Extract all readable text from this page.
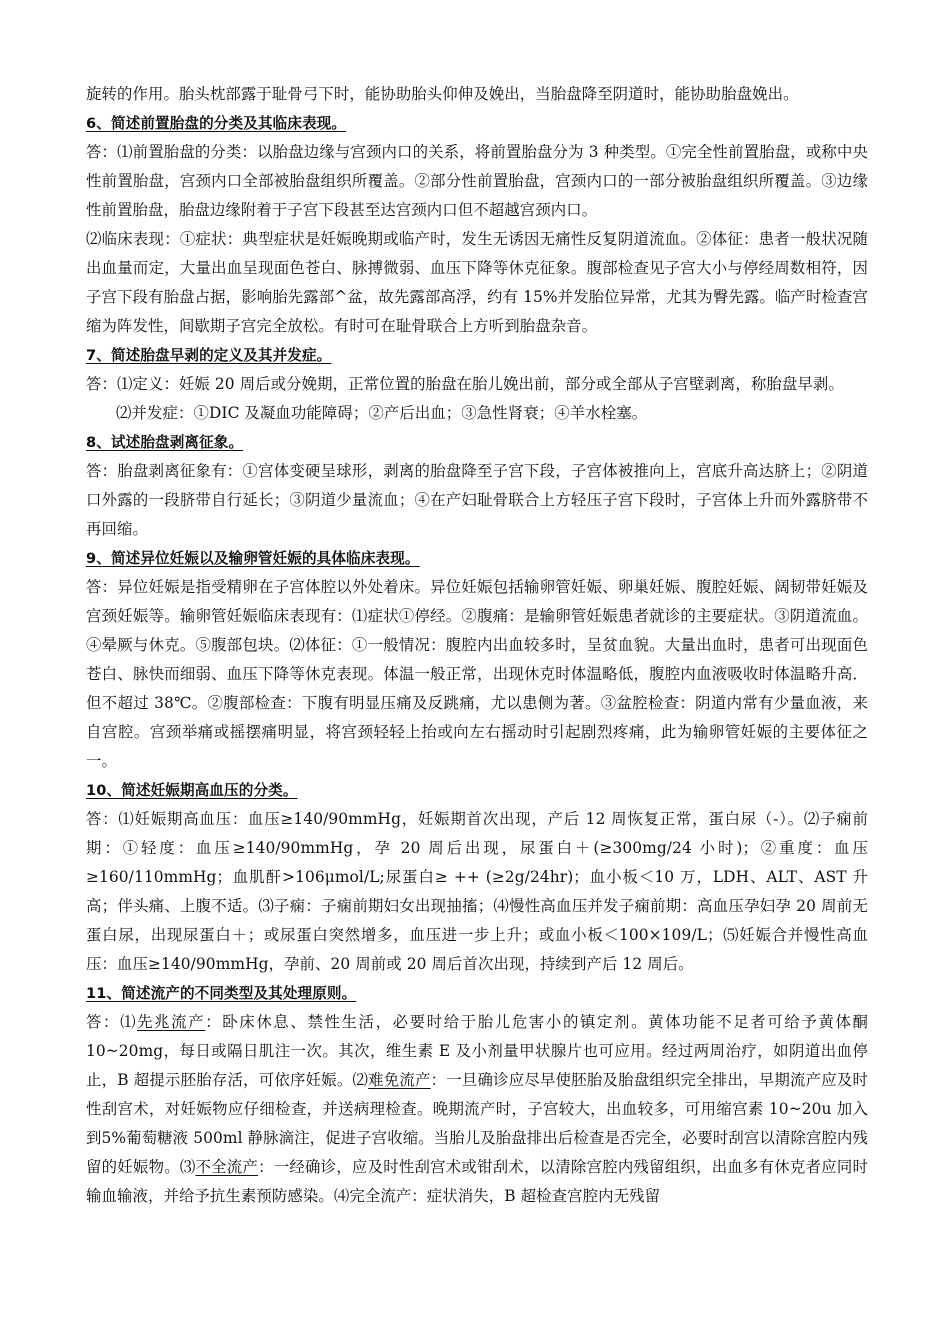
旋转的作用。胎头枕部露于耻骨弓下时，能协助胎头仰伸及娩出，当胎盘降至阴道时，能协助胎盘娩出。

6、简述前置胎盘的分类及其临床表现。

答：⑴前置胎盘的分类：以胎盘边缘与宫颈内口的关系，将前置胎盘分为 3 种类型。①完全性前置胎盘，或称中央性前置胎盘，宫颈内口全部被胎盘组织所覆盖。②部分性前置胎盘，宫颈内口的一部分被胎盘组织所覆盖。③边缘性前置胎盘，胎盘边缘附着于子宫下段甚至达宫颈内口但不超越宫颈内口。

⑵临床表现：①症状：典型症状是妊娠晚期或临产时，发生无诱因无痛性反复阴道流血。②体征：患者一般状况随出血量而定，大量出血呈现面色苍白、脉搏微弱、血压下降等休克征象。腹部检查见子宫大小与停经周数相符，因子宫下段有胎盘占据，影响胎先露部^盆，故先露部高浮，约有 15%并发胎位异常，尤其为臀先露。临产时检查宫缩为阵发性，间歇期子宫完全放松。有时可在耻骨联合上方听到胎盘杂音。

7、简述胎盘早剥的定义及其并发症。

答：⑴定义：妊娠 20 周后或分娩期，正常位置的胎盘在胎儿娩出前，部分或全部从子宫壁剥离，称胎盘早剥。

⑵并发症：①DIC 及凝血功能障碍；②产后出血；③急性肾衰；④羊水栓塞。

8、试述胎盘剥离征象。

答：胎盘剥离征象有：①宫体变硬呈球形，剥离的胎盘降至子宫下段，子宫体被推向上，宫底升高达脐上；②阴道口外露的一段脐带自行延长；③阴道少量流血；④在产妇耻骨联合上方轻压子宫下段时，子宫体上升而外露脐带不再回缩。

9、简述异位妊娠以及输卵管妊娠的具体临床表现。

答：异位妊娠是指受精卵在子宫体腔以外处着床。异位妊娠包括输卵管妊娠、卵巢妊娠、腹腔妊娠、阔韧带妊娠及宫颈妊娠等。输卵管妊娠临床表现有：⑴症状①停经。②腹痛：是输卵管妊娠患者就诊的主要症状。③阴道流血。④晕厥与休克。⑤腹部包块。⑵体征：①一般情况：腹腔内出血较多时，呈贫血貌。大量出血时，患者可出现面色苍白、脉快而细弱、血压下降等休克表现。体温一般正常，出现休克时体温略低，腹腔内血液吸收时体温略升高．但不超过 38℃。②腹部检查：下腹有明显压痛及反跳痛，尤以患侧为著。③盆腔检查：阴道内常有少量血液，来自宫腔。宫颈举痛或摇摆痛明显，将宫颈轻轻上抬或向左右摇动时引起剧烈疼痛，此为输卵管妊娠的主要体征之一。

10、简述妊娠期高血压的分类。

答：⑴妊娠期高血压：血压≥140/90mmHg，妊娠期首次出现，产后 12 周恢复正常，蛋白尿（-）。⑵子痫前期：①轻度：血压≥140/90mmHg，孕 20 周后出现，尿蛋白＋(≥300mg/24 小时)；②重度：血压≥160/110mmHg；血肌酐>106μmol/L;尿蛋白≥ ++ (≥2g/24hr)；血小板＜10 万，LDH、ALT、AST 升高；伴头痛、上腹不适。⑶子痫：子痫前期妇女出现抽搐；⑷慢性高血压并发子痫前期：高血压孕妇孕 20 周前无蛋白尿，出现尿蛋白＋；或尿蛋白突然增多，血压进一步上升；或血小板＜100×109/L；⑸妊娠合并慢性高血压：血压≥140/90mmHg，孕前、20 周前或 20 周后首次出现，持续到产后 12 周后。

11、简述流产的不同类型及其处理原则。

答：⑴先兆流产：卧床休息、禁性生活，必要时给于胎儿危害小的镇定剂。黄体功能不足者可给予黄体酮 10~20mg，每日或隔日肌注一次。其次，维生素 E 及小剂量甲状腺片也可应用。经过两周治疗，如阴道出血停止，B 超提示胚胎存活，可依序妊娠。⑵难免流产：一旦确诊应尽早使胚胎及胎盘组织完全排出，早期流产应及时性刮宫术，对妊娠物应仔细检查，并送病理检查。晚期流产时，子宫较大，出血较多，可用缩宫素 10~20u 加入到5%葡萄糖液 500ml 静脉滴注，促进子宫收缩。当胎儿及胎盘排出后检查是否完全，必要时刮宫以清除宫腔内残留的妊娠物。⑶不全流产：一经确诊，应及时性刮宫术或钳刮术，以清除宫腔内残留组织，出血多有休克者应同时输血输液，并给予抗生素预防感染。⑷完全流产：症状消失，B 超检查宫腔内无残留
